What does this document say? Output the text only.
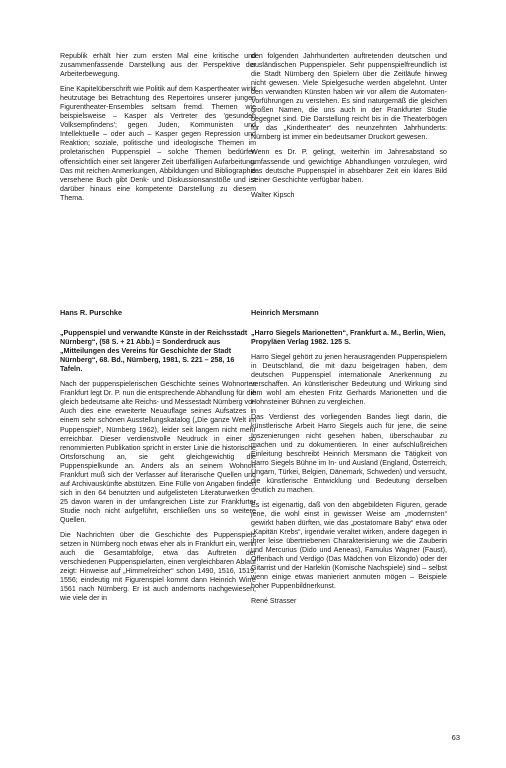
Republik erhält hier zum ersten Mal eine kritische und zusammenfassende Darstellung aus der Perspektive der Arbeiterbewegung.

Eine Kapitelüberschrift wie Politik auf dem Kaspertheater wirkt heutzutage bei Betrachtung des Repertoires unserer jungen Figurentheater-Ensembles seltsam fremd. Themen wie beispielsweise – Kasper als Vertreter des 'gesunden Volksempfindens'; gegen Juden, Kommunisten und Intellektuelle – oder auch – Kasper gegen Repression und Reaktion; soziale, politische und ideologische Themen im proletarischen Puppenspiel – solche Themen bedürfen offensichtlich einer seit längerer Zeit überfälligen Aufarbeitung. Das mit reichen Anmerkungen, Abbildungen und Bibliographie versehene Buch gibt Denk- und Diskussionsanstöße und ist darüber hinaus eine kompetente Darstellung zu diesem Thema.

den folgenden Jahrhunderten auftretenden deutschen und ausländischen Puppenspieler. Sehr puppenspielfreundlich ist die Stadt Nürnberg den Spielern über die Zeitläufe hinweg nicht gewesen. Viele Spielgesuche werden abgelehnt. Unter den verwandten Künsten haben wir vor allem die Automaten-Vorführungen zu verstehen. Es sind naturgemäß die gleichen großen Namen, die uns auch in der Frankfurter Studie begegnet sind. Die Darstellung reicht bis in die Theaterbögen für das „Kindertheater“ des neunzehnten Jahrhunderts: Nürnberg ist immer ein bedeutsamer Druckort gewesen.

Wenn es Dr. P. gelingt, weiterhin im Jahresabstand so umfassende und gewichtige Abhandlungen vorzulegen, wird das deutsche Puppenspiel in absehbarer Zeit ein klares Bild seiner Geschichte verfügbar haben.

Walter Kipsch
Hans R. Purschke
„Puppenspiel und verwandte Künste in der Reichsstadt Nürnberg“, (58 S. + 21 Abb.) = Sonderdruck aus „Mitteilungen des Vereins für Geschichte der Stadt Nürnberg“, 68. Bd., Nürnberg, 1981, S. 221 – 258, 16 Tafeln.

Nach der puppenspielerischen Geschichte seines Wohnortes Frankfurt legt Dr. P. nun die entsprechende Abhandlung für die gleich bedeutsame alte Reichs- und Messestadt Nürnberg vor. Auch dies eine erweiterte Neuauflage seines Aufsatzes in einem sehr schönen Ausstellungskatalog („Die ganze Welt im Puppenspiel“, Nürnberg 1962), leider seit langem nicht mehr erreichbar. Dieser verdienstvolle Neudruck in einer so renommierten Publikation spricht in erster Linie die historische Ortsforschung an, sie geht gleichgewichtig die Puppenspielkunde an. Anders als an seinem Wohnort Frankfurt muß sich der Verfasser auf literarische Quellen und auf Archivauskünfte abstützen. Eine Fülle von Angaben finden sich in den 64 benutzten und aufgelisteten Literaturwerken – 25 davon waren in der umfangreichen Liste zur Frankfurter Studie noch nicht aufgeführt, erschließen uns so weitere Quellen.

Die Nachrichten über die Geschichte des Puppenspiels setzen in Nürnberg noch etwas eher als in Frankfurt ein, wenn auch die Gesamtabfolge, etwa das Auftreten der verschiedenen Puppenspielarten, einen vergleichbaren Ablauf zeigt: Hinweise auf „Himmelreicher“ schon 1490, 1516, 1519, 1556; eindeutig mit Figurenspiel kommt dann Heinrich Wirre 1561 nach Nürnberg. Er ist auch andernorts nachgewiesen, wie viele der in

Heinrich Mersmann
„Harro Siegels Marionetten“, Frankfurt a. M., Berlin, Wien, Propyläen Verlag 1982. 125 S.

Harro Siegel gehört zu jenen herausragenden Puppenspielern in Deutschland, die mit dazu beigetragen haben, dem deutschen Puppenspiel internationale Anerkennung zu verschaffen. An künstlerischer Bedeutung und Wirkung sind ihm wohl am ehesten Fritz Gerhards Marionetten und die Hohnsteiner Bühnen zu vergleichen.

Das Verdienst des vorliegenden Bandes liegt darin, die künstlerische Arbeit Harro Siegels auch für jene, die seine Inszenierungen nicht gesehen haben, überschaubar zu machen und zu dokumentieren. In einer aufschlußreichen Einleitung beschreibt Heinrich Mersmann die Tätigkeit von Harro Siegels Bühne im In- und Ausland (England, Österreich, Ungarn, Türkei, Belgien, Dänemark, Schweden) und versucht, die künstlerische Entwicklung und Bedeutung derselben deutlich zu machen.

Es ist eigenartig, daß von den abgebildeten Figuren, gerade jene, die wohl einst in gewisser Weise am „modernsten“ gewirkt haben dürften, wie das „postatomare Baby“ etwa oder „Kapitän Krebs“, irgendwie veraltet wirken, andere dagegen in ihrer leise übertriebenen Charakterisierung wie die Zauberin und Mercurius (Dido und Aeneas), Famulus Wagner (Faust), Offenbach und Verdigo (Das Mädchen von Elizondo) oder der Gitarrist und der Harlekin (Komische Nachspiele) sind – selbst wenn einige etwas manieriert anmuten mögen – Beispiele hoher Puppenbildnerkunst.

René Strasser
63
